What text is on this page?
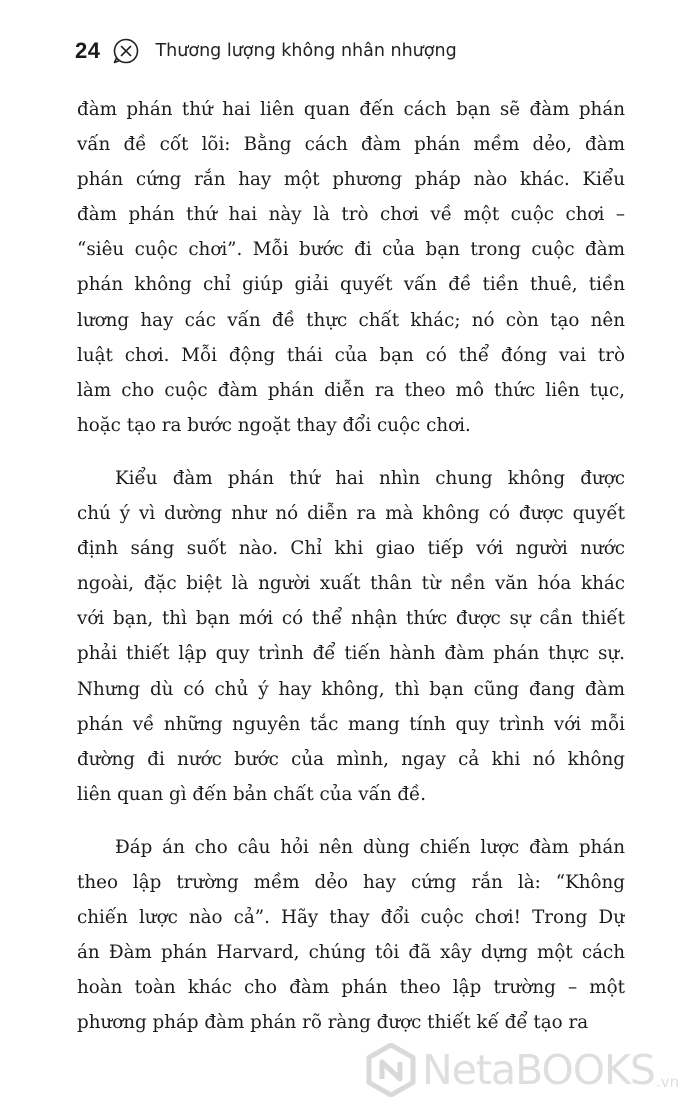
24	Thương lượng không nhân nhượng
đàm phán thứ hai liên quan đến cách bạn sẽ đàm phán
vấn đề cốt lõi: Bằng cách đàm phán mềm dẻo, đàm
phán cứng rắn hay một phương pháp nào khác. Kiểu
đàm phán thứ hai này là trò chơi về một cuộc chơi –
“siêu cuộc chơi”. Mỗi bước đi của bạn trong cuộc đàm
phán không chỉ giúp giải quyết vấn đề tiền thuê, tiền
lương hay các vấn đề thực chất khác; nó còn tạo nên
luật chơi. Mỗi động thái của bạn có thể đóng vai trò
làm cho cuộc đàm phán diễn ra theo mô thức liên tục,
hoặc tạo ra bước ngoặt thay đổi cuộc chơi.
Kiểu đàm phán thứ hai nhìn chung không được
chú ý vì dường như nó diễn ra mà không có được quyết
định sáng suốt nào. Chỉ khi giao tiếp với người nước
ngoài, đặc biệt là người xuất thân từ nền văn hóa khác
với bạn, thì bạn mới có thể nhận thức được sự cần thiết
phải thiết lập quy trình để tiến hành đàm phán thực sự.
Nhưng dù có chủ ý hay không, thì bạn cũng đang đàm
phán về những nguyên tắc mang tính quy trình với mỗi
đường đi nước bước của mình, ngay cả khi nó không
liên quan gì đến bản chất của vấn đề.
Đáp án cho câu hỏi nên dùng chiến lược đàm phán
theo lập trường mềm dẻo hay cứng rắn là: “Không
chiến lược nào cả”. Hãy thay đổi cuộc chơi! Trong Dự
án Đàm phán Harvard, chúng tôi đã xây dựng một cách
hoàn toàn khác cho đàm phán theo lập trường – một
phương pháp đàm phán rõ ràng được thiết kế để tạo ra
NetaBOOKS .vn
